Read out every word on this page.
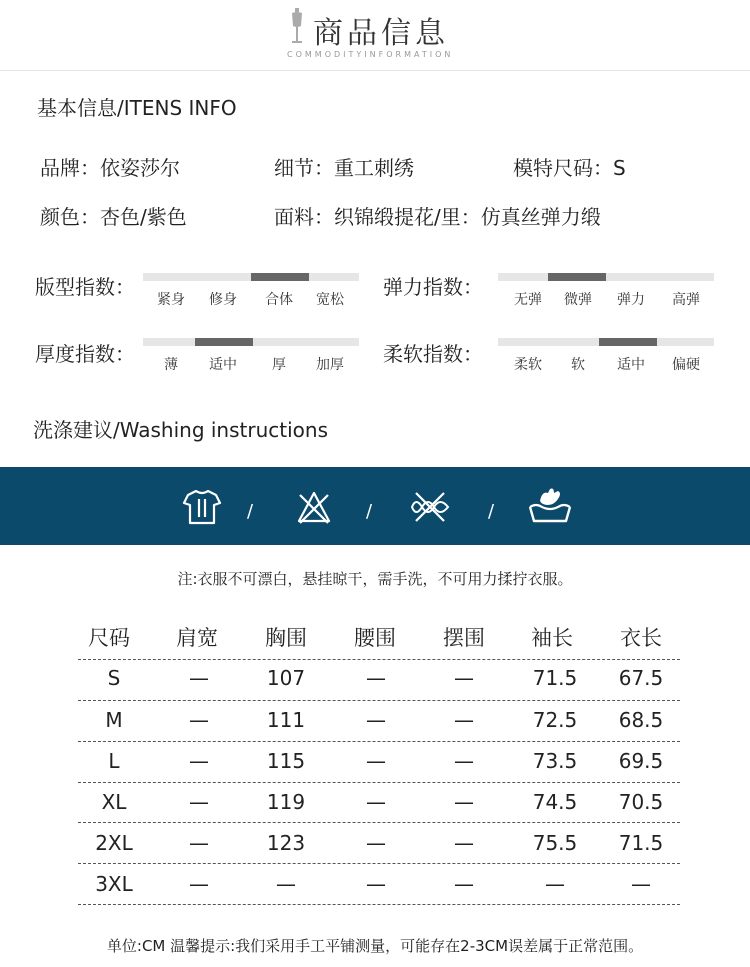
商品信息
COMMODITYINFORMATION
基本信息/ITENS INFO
品牌：依姿莎尔	细节：重工刺绣	模特尺码：S
颜色：杏色/紫色	面料：织锦缎提花/里：仿真丝弹力缎
版型指数：
紧身 修身 合体 宽松
弹力指数：
无弹 微弹 弹力 高弹
厚度指数： 薄 适中	厚 加厚 柔软指数： 柔软 软 适中 偏硬
洗涤建议/Washing instructions
/	/	/
注:衣服不可漂白，悬挂晾干，需手洗，不可用力揉拧衣服。
尺码	肩宽	胸围	腰围	摆围	袖长	衣长
S	—	107	—	—	71.5	67.5
M	—	111	—	—	72.5	68.5
L	—	115	—	—	73.5	69.5
XL	—	119	—	—	74.5	70.5
2XL	—	123	—	—	75.5	71.5
3XL	—	—	—	—	—	—
单位:CM 温馨提示:我们采用手工平铺测量，可能存在2-3CM误差属于正常范围。
